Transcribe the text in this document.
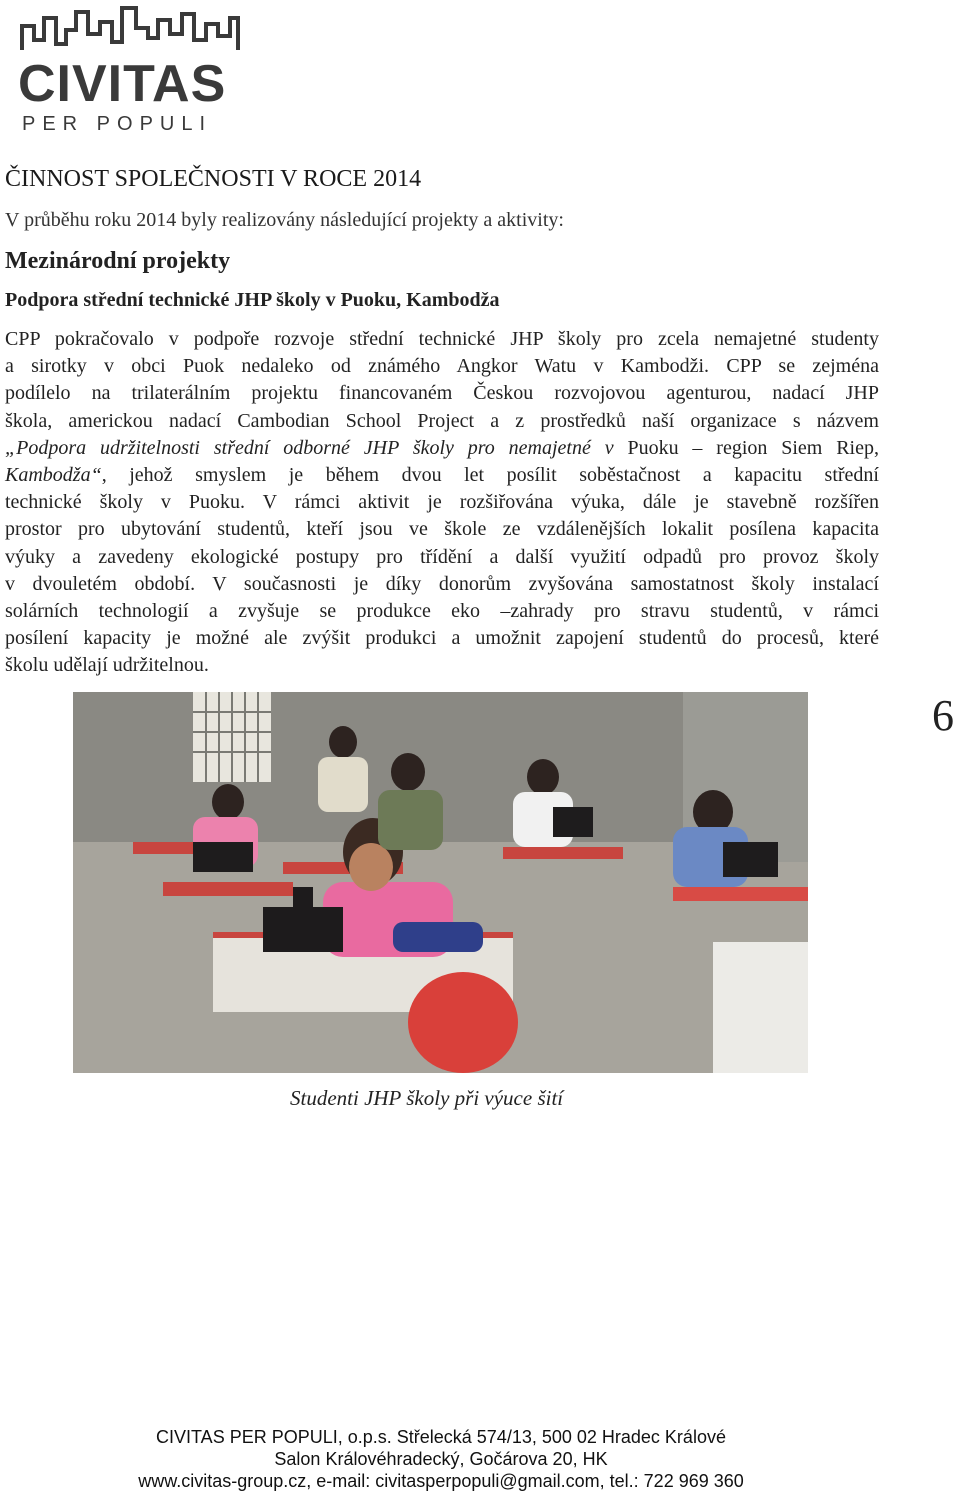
CIVITAS
PER POPULI
ČINNOST SPOLEČNOSTI V ROCE 2014

V průběhu roku 2014 byly realizovány následující projekty a aktivity:

Mezinárodní projekty
Podpora střední technické JHP školy v Puoku, Kambodža
CPP pokračovalo v podpoře rozvoje střední technické JHP školy pro zcela nemajetné studenty
a sirotky v obci Puok nedaleko od známého Angkor Watu v Kambodži. CPP se zejména
podílelo na trilaterálním projektu financovaném Českou rozvojovou agenturou, nadací JHP
škola, americkou nadací Cambodian School Project a z prostředků naší organizace s názvem
„Podpora udržitelnosti střední odborné JHP školy pro nemajetné v Puoku – region Siem Riep,
Kambodža“, jehož smyslem je během dvou let posílit soběstačnost a kapacitu střední
technické školy v Puoku. V rámci aktivit je rozšiřována výuka, dále je stavebně rozšířen
prostor pro ubytování studentů, kteří jsou ve škole ze vzdálenějších lokalit posílena kapacita
výuky a zavedeny ekologické postupy pro třídění a další využití odpadů pro provoz školy
v dvouletém období. V současnosti je díky donorům zvyšována samostatnost školy instalací
solárních technologií a zvyšuje se produkce eko –zahrady pro stravu studentů, v rámci
posílení kapacity je možné ale zvýšit produkci a umožnit zapojení studentů do procesů, které
školu udělají udržitelnou.
6

Studenti JHP školy při výuce šití

CIVITAS PER POPULI, o.p.s. Střelecká 574/13, 500 02 Hradec Králové
Salon Královéhradecký, Gočárova 20, HK
www.civitas-group.cz, e-mail: civitasperpopuli@gmail.com, tel.: 722 969 360
